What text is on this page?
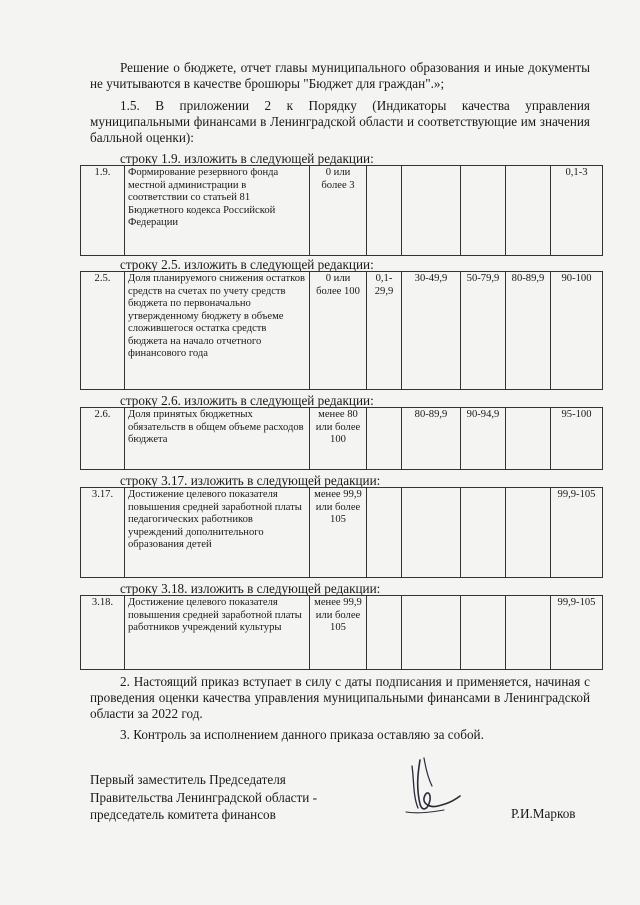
Решение о бюджете, отчет главы муниципального образования и иные документы не учитываются в качестве брошюры "Бюджет для граждан".»;
1.5. В приложении 2 к Порядку (Индикаторы качества управления муниципальными финансами в Ленинградской области и соответствующие им значения балльной оценки):
строку 1.9. изложить в следующей редакции:
1.9.	Формирование резервного фонда местной администрации в соответствии со статьей 81 Бюджетного кодекса Российской Федерации	0 или более 3					0,1-3
строку 2.5. изложить в следующей редакции:
2.5.	Доля планируемого снижения остатков средств на счетах по учету средств бюджета по первоначально утвержденному бюджету в объеме сложившегося остатка средств бюджета на начало отчетного финансового года	0 или более 100	0,1-29,9	30-49,9	50-79,9	80-89,9	90-100
строку 2.6. изложить в следующей редакции:
2.6.	Доля принятых бюджетных обязательств в общем объеме расходов бюджета	менее 80 или более 100		80-89,9	90-94,9		95-100
строку 3.17. изложить в следующей редакции:
3.17.	Достижение целевого показателя повышения средней заработной платы педагогических работников учреждений дополнительного образования детей	менее 99,9 или более 105					99,9-105
строку 3.18. изложить в следующей редакции:
3.18.	Достижение целевого показателя повышения средней заработной платы работников учреждений культуры	менее 99,9 или более 105					99,9-105
2. Настоящий приказ вступает в силу с даты подписания и применяется, начиная с проведения оценки качества управления муниципальными финансами в Ленинградской области за 2022 год.
3. Контроль за исполнением данного приказа оставляю за собой.
Первый заместитель Председателя
Правительства Ленинградской области -
председатель комитета финансов	Р.И.Марков
